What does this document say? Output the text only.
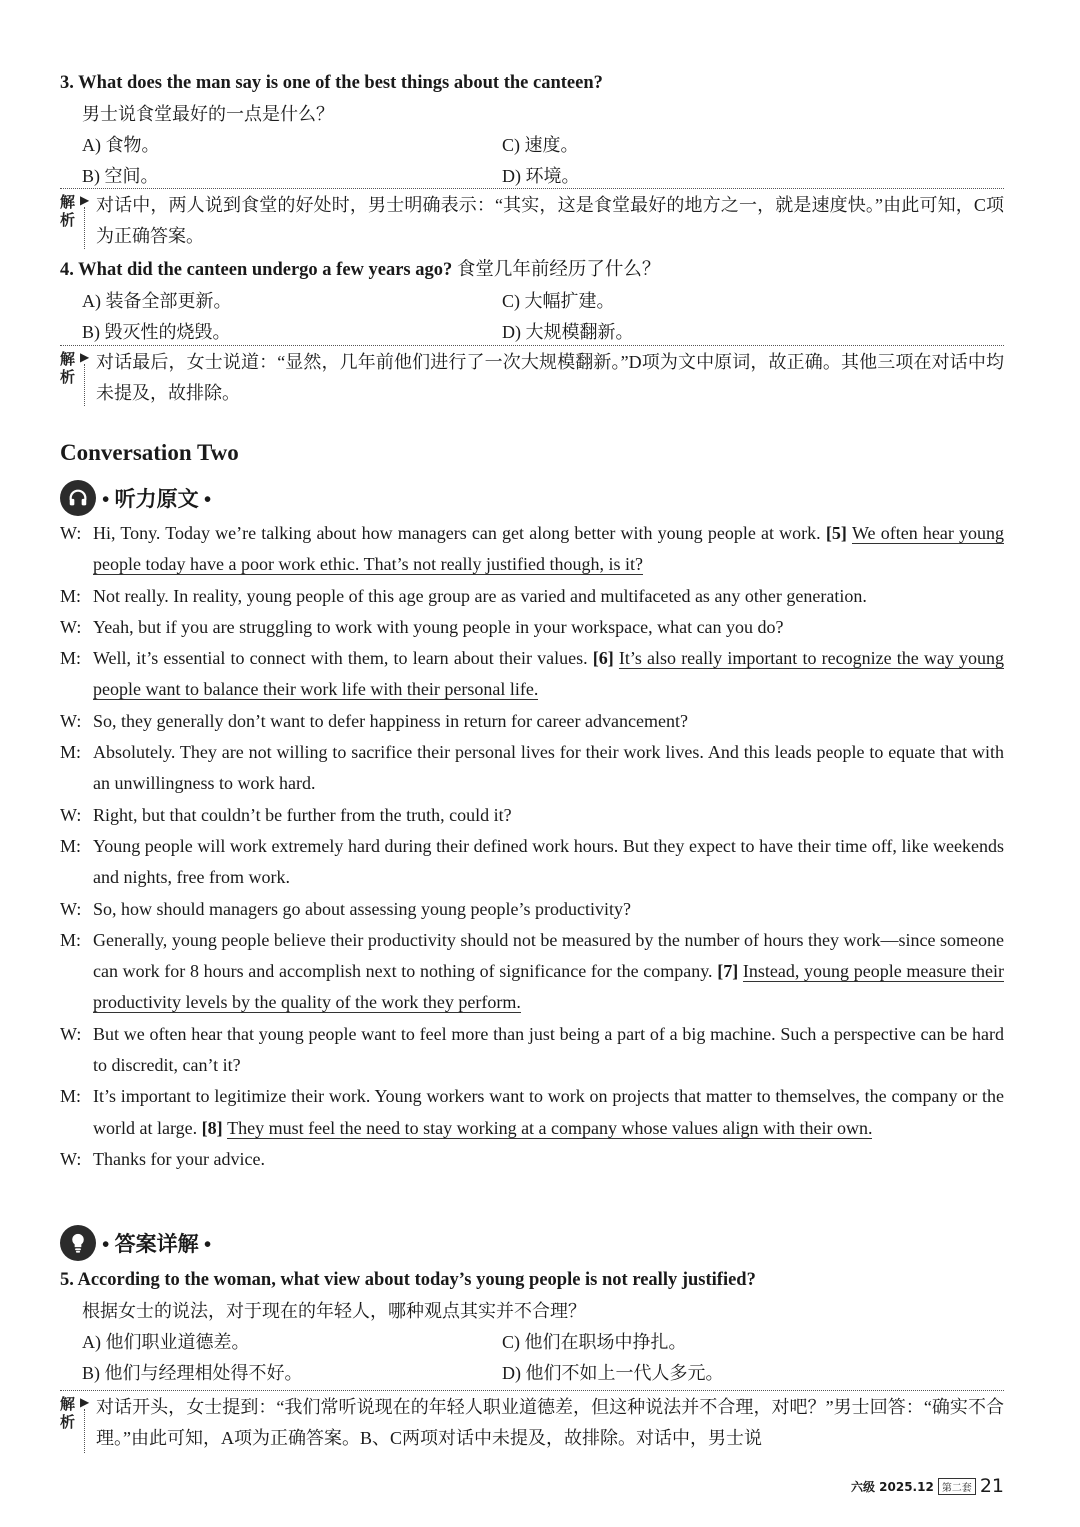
3. What does the man say is one of the best things about the canteen?
男士说食堂最好的一点是什么？
A) 食物。	C) 速度。
B) 空间。	D) 环境。
解析
▶ 对话中，两人说到食堂的好处时，男士明确表示：“其实，这是食堂最好的地方之一，就是速度快。”由此可知，C项为正确答案。
4. What did the canteen undergo a few years ago? 食堂几年前经历了什么？
A) 装备全部更新。	C) 大幅扩建。
B) 毁灭性的烧毁。	D) 大规模翻新。
解析
▶ 对话最后，女士说道：“显然，几年前他们进行了一次大规模翻新。”D项为文中原词，故正确。其他三项在对话中均未提及，故排除。
Conversation Two
• 听力原文 •
W: Hi, Tony. Today we’re talking about how managers can get along better with young people at work. [5] We often hear young people today have a poor work ethic. That’s not really justified though, is it?
M: Not really. In reality, young people of this age group are as varied and multifaceted as any other generation.
W: Yeah, but if you are struggling to work with young people in your workspace, what can you do?
M: Well, it’s essential to connect with them, to learn about their values. [6] It’s also really important to recognize the way young people want to balance their work life with their personal life.
W: So, they generally don’t want to defer happiness in return for career advancement?
M: Absolutely. They are not willing to sacrifice their personal lives for their work lives. And this leads people to equate that with an unwillingness to work hard.
W: Right, but that couldn’t be further from the truth, could it?
M: Young people will work extremely hard during their defined work hours. But they expect to have their time off, like weekends and nights, free from work.
W: So, how should managers go about assessing young people’s productivity?
M: Generally, young people believe their productivity should not be measured by the number of hours they work—since someone can work for 8 hours and accomplish next to nothing of significance for the company. [7] Instead, young people measure their productivity levels by the quality of the work they perform.
W: But we often hear that young people want to feel more than just being a part of a big machine. Such a perspective can be hard to discredit, can’t it?
M: It’s important to legitimize their work. Young workers want to work on projects that matter to themselves, the company or the world at large. [8] They must feel the need to stay working at a company whose values align with their own.
W: Thanks for your advice.
• 答案详解 •
5. According to the woman, what view about today’s young people is not really justified?
根据女士的说法，对于现在的年轻人，哪种观点其实并不合理？
A) 他们职业道德差。	C) 他们在职场中挣扎。
B) 他们与经理相处得不好。	D) 他们不如上一代人多元。
解析
▶ 对话开头，女士提到：“我们常听说现在的年轻人职业道德差，但这种说法并不合理，对吧？”男士回答：“确实不合理。”由此可知，A项为正确答案。B、C两项对话中未提及，故排除。对话中，男士说
六级 2025.12 第二套 21
